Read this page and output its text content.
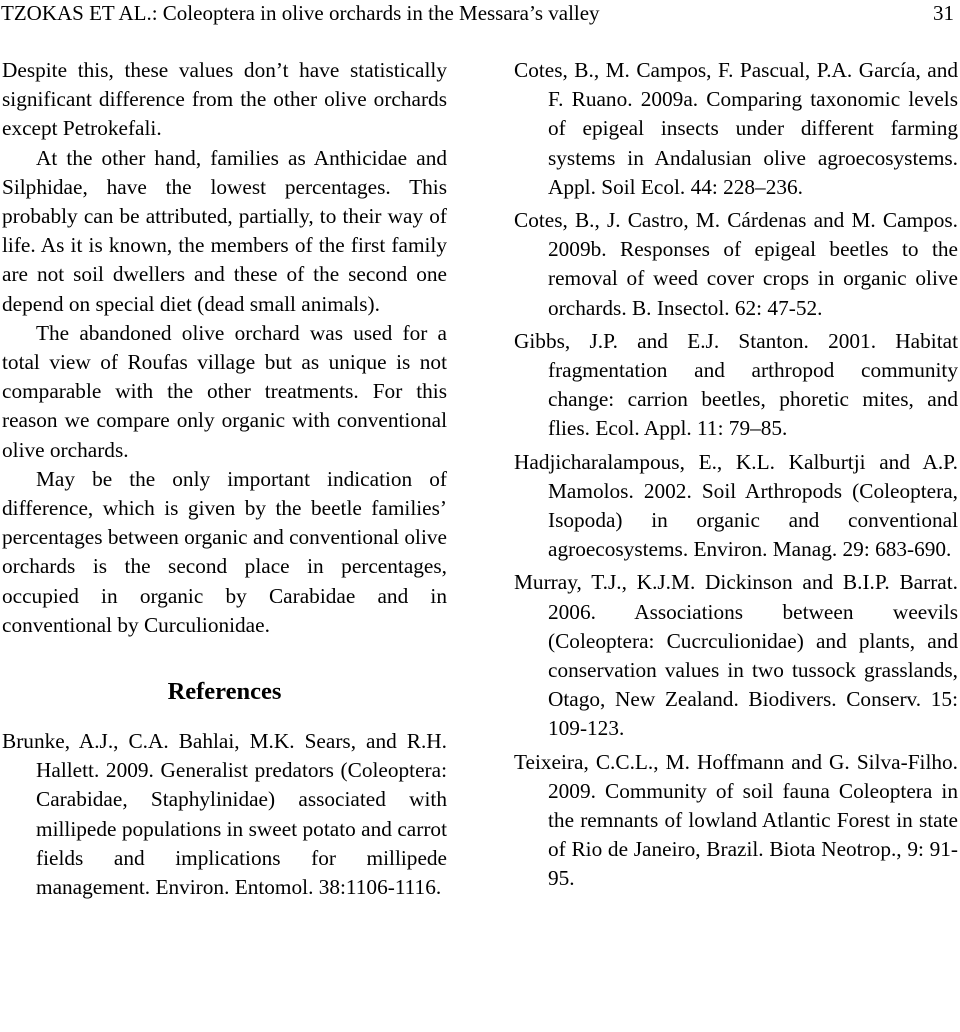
TZOKAS ET AL.: Coleoptera in olive orchards in the Messara’s valley	31

Despite this, these values don’t have statistically significant difference from the other olive orchards except Petrokefali.

At the other hand, families as Anthicidae and Silphidae, have the lowest percentages. This probably can be attributed, partially, to their way of life. As it is known, the members of the first family are not soil dwellers and these of the second one depend on special diet (dead small animals).

The abandoned olive orchard was used for a total view of Roufas village but as unique is not comparable with the other treatments. For this reason we compare only organic with conventional olive orchards.

May be the only important indication of difference, which is given by the beetle families’ percentages between organic and conventional olive orchards is the second place in percentages, occupied in organic by Carabidae and in conventional by Curculionidae.

References

Brunke, A.J., C.A. Bahlai, M.K. Sears, and R.H. Hallett. 2009. Generalist predators (Coleoptera: Carabidae, Staphylinidae) associated with millipede populations in sweet potato and carrot fields and implications for millipede management. Environ. Entomol. 38:1106-1116.

Cotes, B., M. Campos, F. Pascual, P.A. García, and F. Ruano. 2009a. Comparing taxonomic levels of epigeal insects under different farming systems in Andalusian olive agroecosystems. Appl. Soil Ecol. 44: 228–236.

Cotes, B., J. Castro, M. Cárdenas and M. Campos. 2009b. Responses of epigeal beetles to the removal of weed cover crops in organic olive orchards. B. Insectol. 62: 47-52.

Gibbs, J.P. and E.J. Stanton. 2001. Habitat fragmentation and arthropod community change: carrion beetles, phoretic mites, and flies. Ecol. Appl. 11: 79–85.

Hadjicharalampous, E., K.L. Kalburtji and A.P. Mamolos. 2002. Soil Arthropods (Coleoptera, Isopoda) in organic and conventional agroecosystems. Environ. Manag. 29: 683-690.

Murray, T.J., K.J.M. Dickinson and B.I.P. Barrat. 2006. Associations between weevils (Coleoptera: Cucrculionidae) and plants, and conservation values in two tussock grasslands, Otago, New Zealand. Biodivers. Conserv. 15: 109-123.

Teixeira, C.C.L., M. Hoffmann and G. Silva-Filho. 2009. Community of soil fauna Coleoptera in the remnants of lowland Atlantic Forest in state of Rio de Janeiro, Brazil. Biota Neotrop., 9: 91-95.
